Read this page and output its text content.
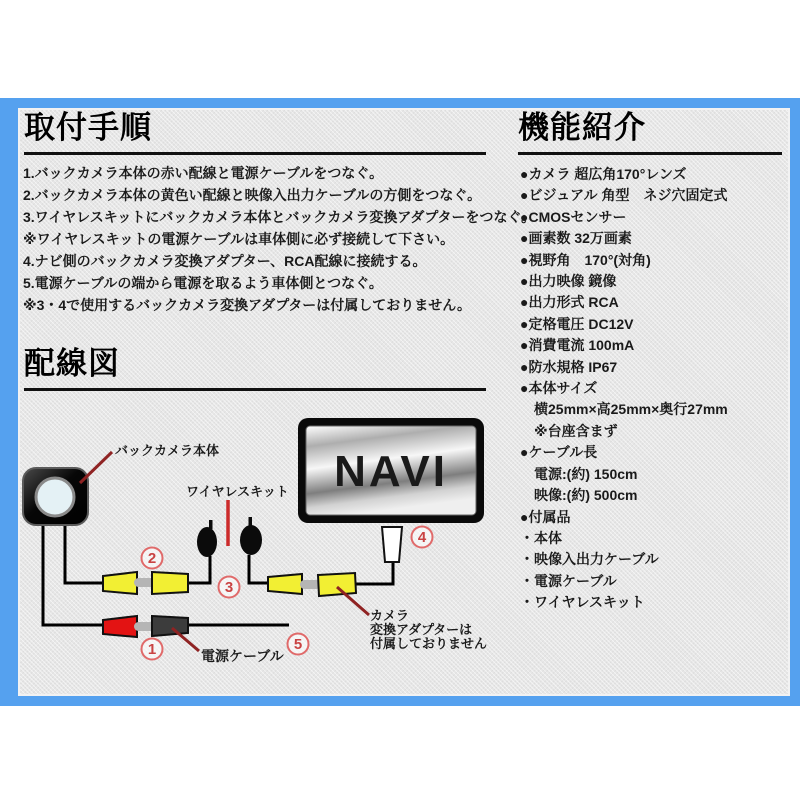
取付手順
1.バックカメラ本体の赤い配線と電源ケーブルをつなぐ。
2.バックカメラ本体の黄色い配線と映像入出力ケーブルの方側をつなぐ。
3.ワイヤレスキットにバックカメラ本体とバックカメラ変換アダプターをつなぐ。
※ワイヤレスキットの電源ケーブルは車体側に必ず接続して下さい。
4.ナビ側のバックカメラ変換アダプター、RCA配線に接続する。
5.電源ケーブルの端から電源を取るよう車体側とつなぐ。
※3・4で使用するバックカメラ変換アダプターは付属しておりません。
配線図
バックカメラ本体
2
ワイヤレスキット
3
NAVI
4
カメラ
変換アダプターは
付属しておりません
1	電源ケーブル
5
機能紹介
●カメラ 超広角170°レンズ
●ビジュアル 角型　ネジ穴固定式
●CMOSセンサー
●画素数 32万画素
●視野角　170°(対角)
●出力映像 鏡像
●出力形式 RCA
●定格電圧 DC12V
●消費電流 100mA
●防水規格 IP67
●本体サイズ
　横25mm×高25mm×奥行27mm
　※台座含まず
●ケーブル長
　電源:(約) 150cm
　映像:(約) 500cm
●付属品
・本体
・映像入出力ケーブル
・電源ケーブル
・ワイヤレスキット
